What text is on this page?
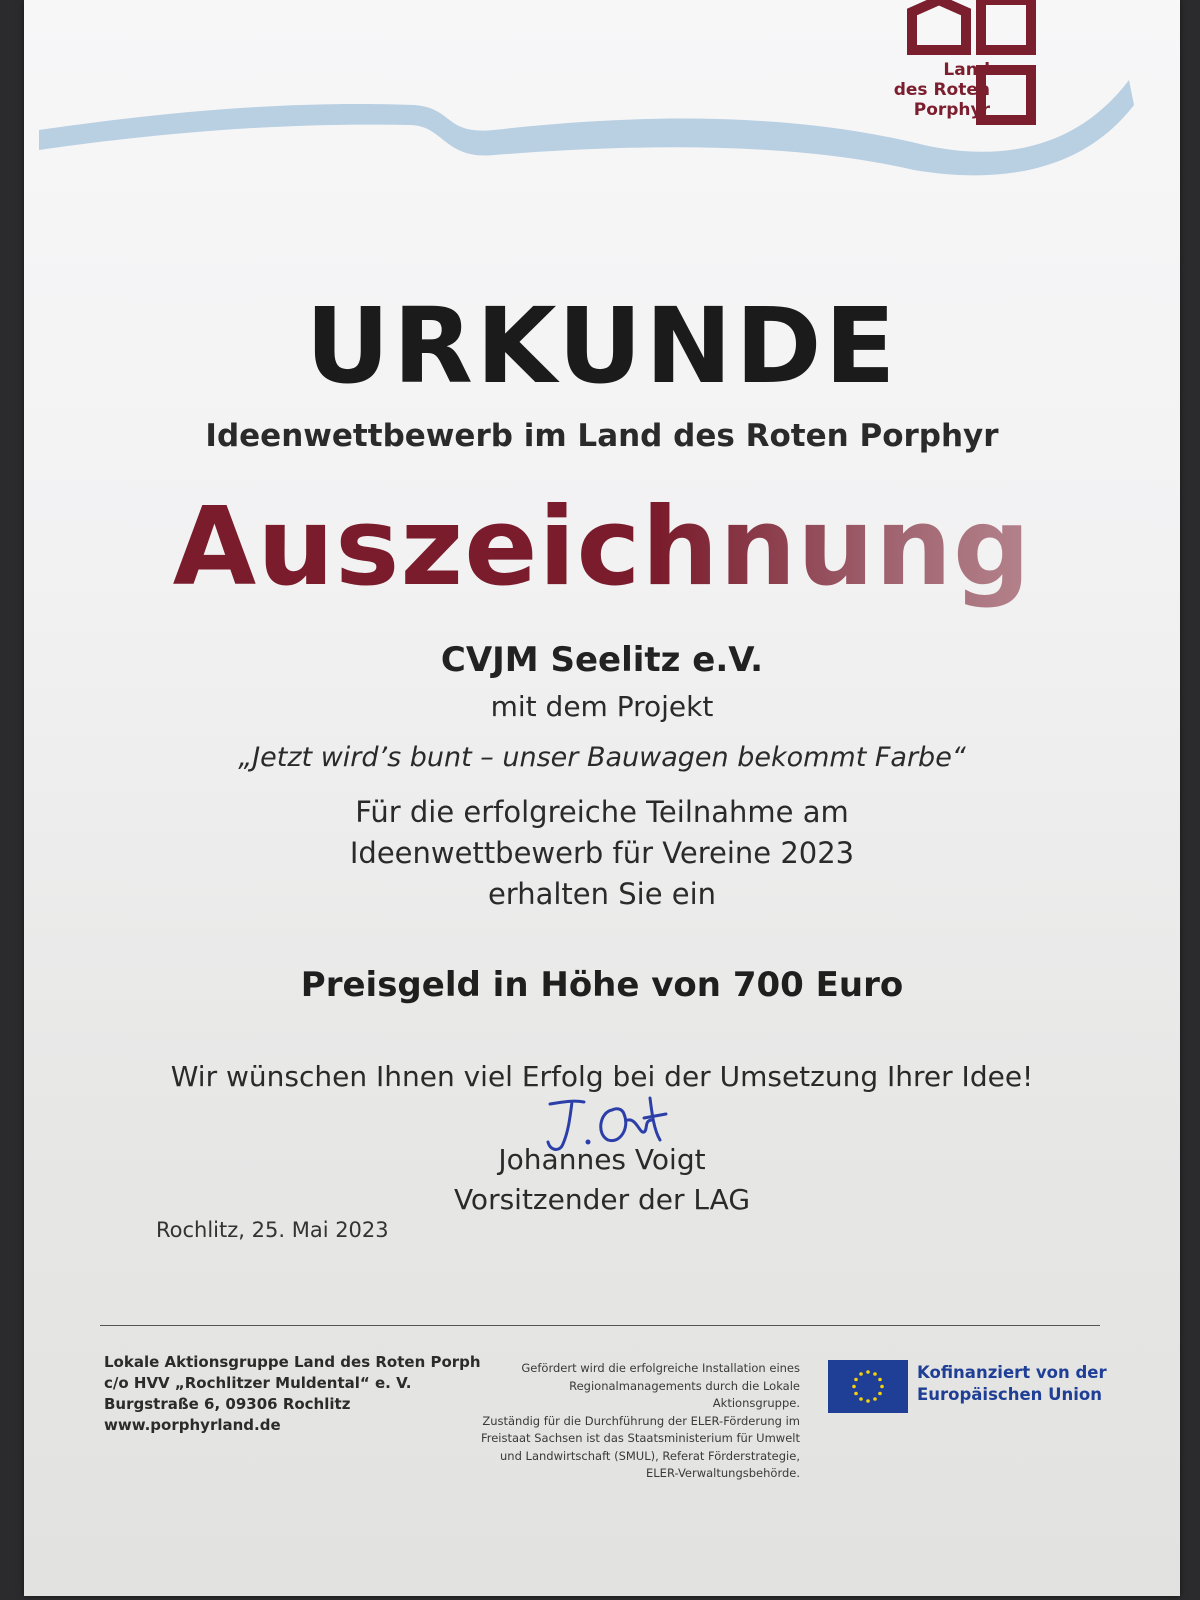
Land
des Roten
Porphyr
URKUNDE
Ideenwettbewerb im Land des Roten Porphyr
Auszeichnung
CVJM Seelitz e.V.
mit dem Projekt
„Jetzt wird’s bunt – unser Bauwagen bekommt Farbe“
Für die erfolgreiche Teilnahme am
Ideenwettbewerb für Vereine 2023
erhalten Sie ein
Preisgeld in Höhe von 700 Euro
Wir wünschen Ihnen viel Erfolg bei der Umsetzung Ihrer Idee!
Johannes Voigt
Vorsitzender der LAG
Rochlitz, 25. Mai 2023
Lokale Aktionsgruppe Land des Roten Porph
c/o HVV „Rochlitzer Muldental“ e. V.
Burgstraße 6, 09306 Rochlitz
www.porphyrland.de
Gefördert wird die erfolgreiche Installation eines
Regionalmanagements durch die Lokale
Aktionsgruppe.
Zuständig für die Durchführung der ELER-Förderung im
Freistaat Sachsen ist das Staatsministerium für Umwelt
und Landwirtschaft (SMUL), Referat Förderstrategie,
ELER-Verwaltungsbehörde.
Kofinanziert von der
Europäischen Union
